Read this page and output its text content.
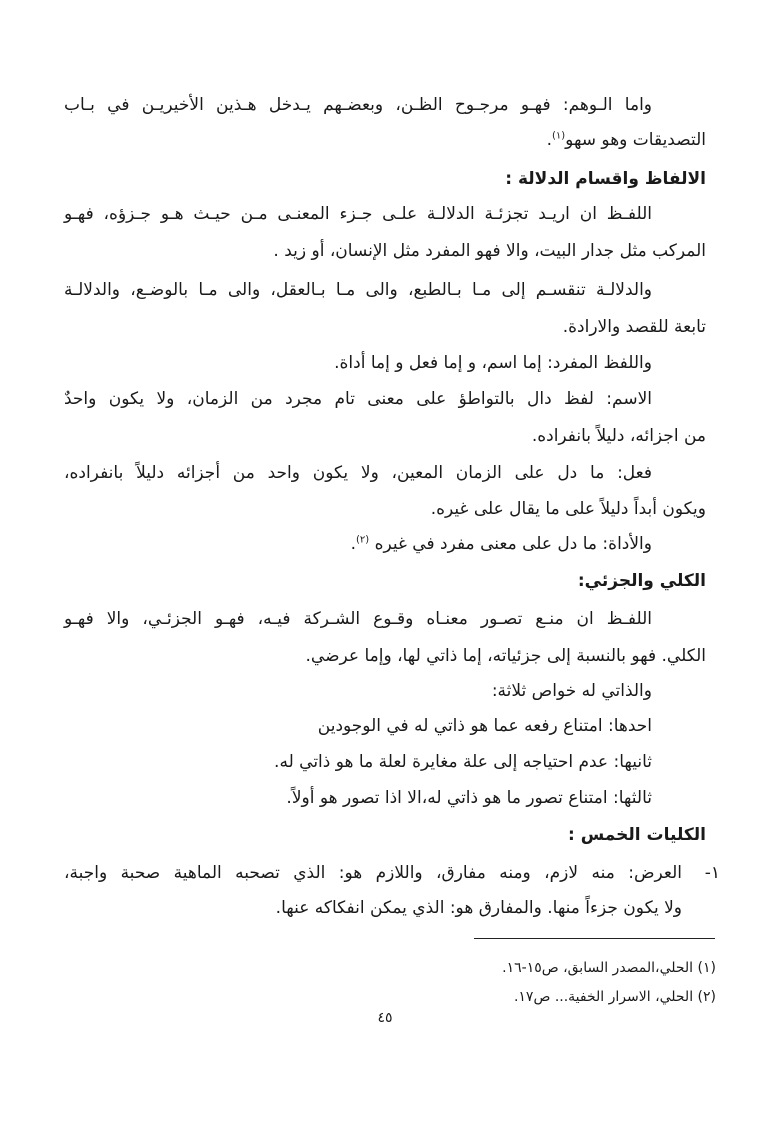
واما الـوهم: فهـو مرجـوح الظـن، وبعضـهم يـدخل هـذين الأخيريـن في بـاب
التصديقات وهو سهو$^{(١)}$.
الالفاظ واقسام الدلالة :
اللفـظ ان اريـد تجزئـة الدلالـة علـى جـزء المعنـى مـن حيـث هـو جـزؤه، فهـو
المركب مثل جدار البيت، والا فهو المفرد مثل الإنسان، أو زيد .
والدلالـة تنقسـم إلى مـا بـالطبع، والى مـا بـالعقل، والى مـا بالوضـع، والدلالـة
تابعة للقصد والارادة.
واللفظ المفرد: إما اسم، و إما فعل و إما أداة.
الاسم: لفظ دال بالتواطؤ على معنى تام مجرد من الزمان، ولا يكون واحدٌ
من اجزائه، دليلاً بانفراده.
فعل: ما دل على الزمان المعين، ولا يكون واحد من أجزائه دليلاً بانفراده،
ويكون أبداً دليلاً على ما يقال على غيره.
والأداة: ما دل على معنى مفرد في غيره $^{(٢)}$.
الكلي والجزئي:
اللفـظ ان منـع تصـور معنـاه وقـوع الشـركة فيـه، فهـو الجزئـي، والا فهـو
الكلي. فهو بالنسبة إلى جزئياته، إما ذاتي لها، وإما عرضي.
والذاتي له خواص ثلاثة:
احدها: امتناع رفعه عما هو ذاتي له في الوجودين
ثانيها: عدم احتياجه إلى علة مغايرة لعلة ما هو ذاتي له.
ثالثها: امتناع تصور ما هو ذاتي له،الا اذا تصور هو أولاً.
الكليات الخمس :
١-
العرض: منه لازم، ومنه مفارق، واللازم هو: الذي تصحبه الماهية صحبة واجبة،
ولا يكون جزءاً منها. والمفارق هو: الذي يمكن انفكاكه عنها.
(١) الحلي،المصدر السابق، ص١٥-١٦.
(٢) الحلي، الاسرار الخفية... ص١٧.
٤٥
